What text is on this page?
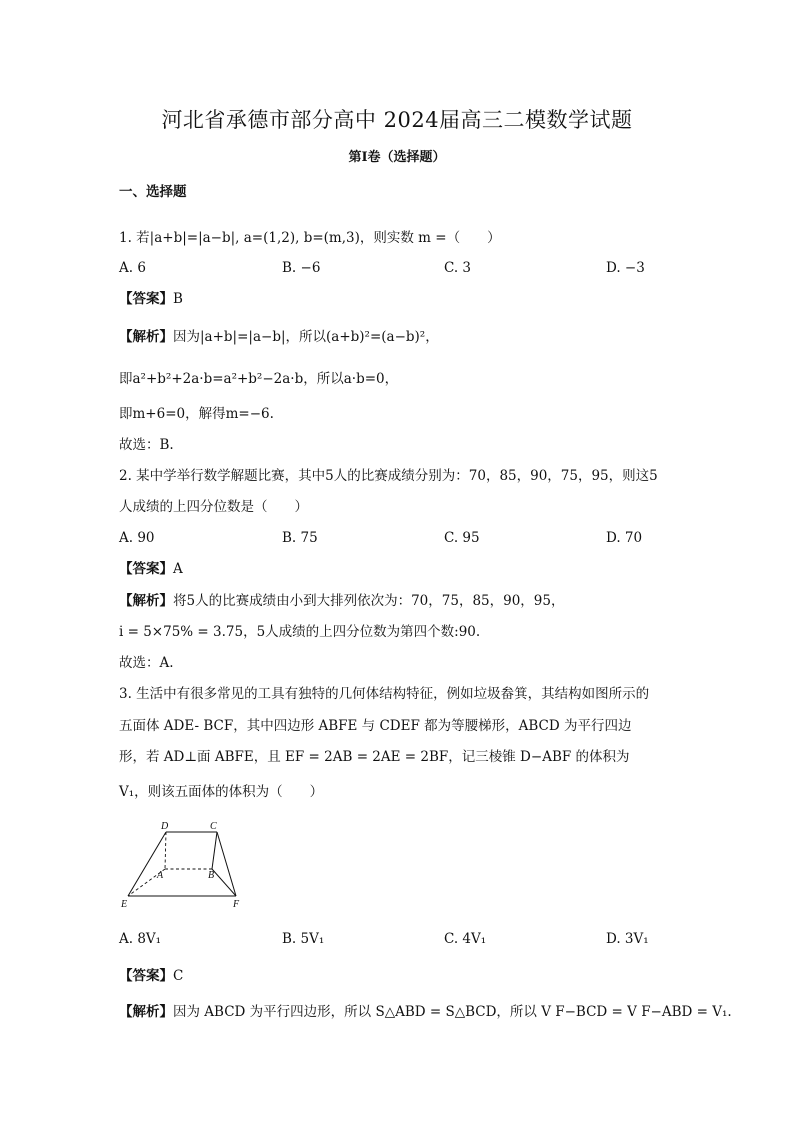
河北省承德市部分高中 2024届高三二模数学试题
第I卷（选择题）
一、选择题
1. 若|a+b|=|a−b|, a=(1,2), b=(m,3)，则实数 m =（　　）
A. 6	B. −6	C. 3	D. −3
【答案】B
【解析】因为|a+b|=|a−b|，所以(a+b)²=(a−b)²，
即a²+b²+2a·b=a²+b²−2a·b，所以a·b=0，
即m+6=0，解得m=−6.
故选：B.
2. 某中学举行数学解题比赛，其中5人的比赛成绩分别为：70，85，90，75，95，则这5
人成绩的上四分位数是（　　）
A. 90	B. 75	C. 95	D. 70
【答案】A
【解析】将5人的比赛成绩由小到大排列依次为：70，75，85，90，95，
i = 5×75% = 3.75，5人成绩的上四分位数为第四个数:90.
故选：A.
3. 生活中有很多常见的工具有独特的几何体结构特征，例如垃圾畚箕，其结构如图所示的
五面体 ADE- BCF，其中四边形 ABFE 与 CDEF 都为等腰梯形，ABCD 为平行四边
形，若 AD⊥面 ABFE，且 EF = 2AB = 2AE = 2BF，记三棱锥 D−ABF 的体积为
V₁，则该五面体的体积为（　　）
D	C
A	B
E	F
A. 8V₁	B. 5V₁	C. 4V₁	D. 3V₁
【答案】C
【解析】因为 ABCD 为平行四边形，所以 S△ABD = S△BCD，所以 V F−BCD = V F−ABD = V₁.
